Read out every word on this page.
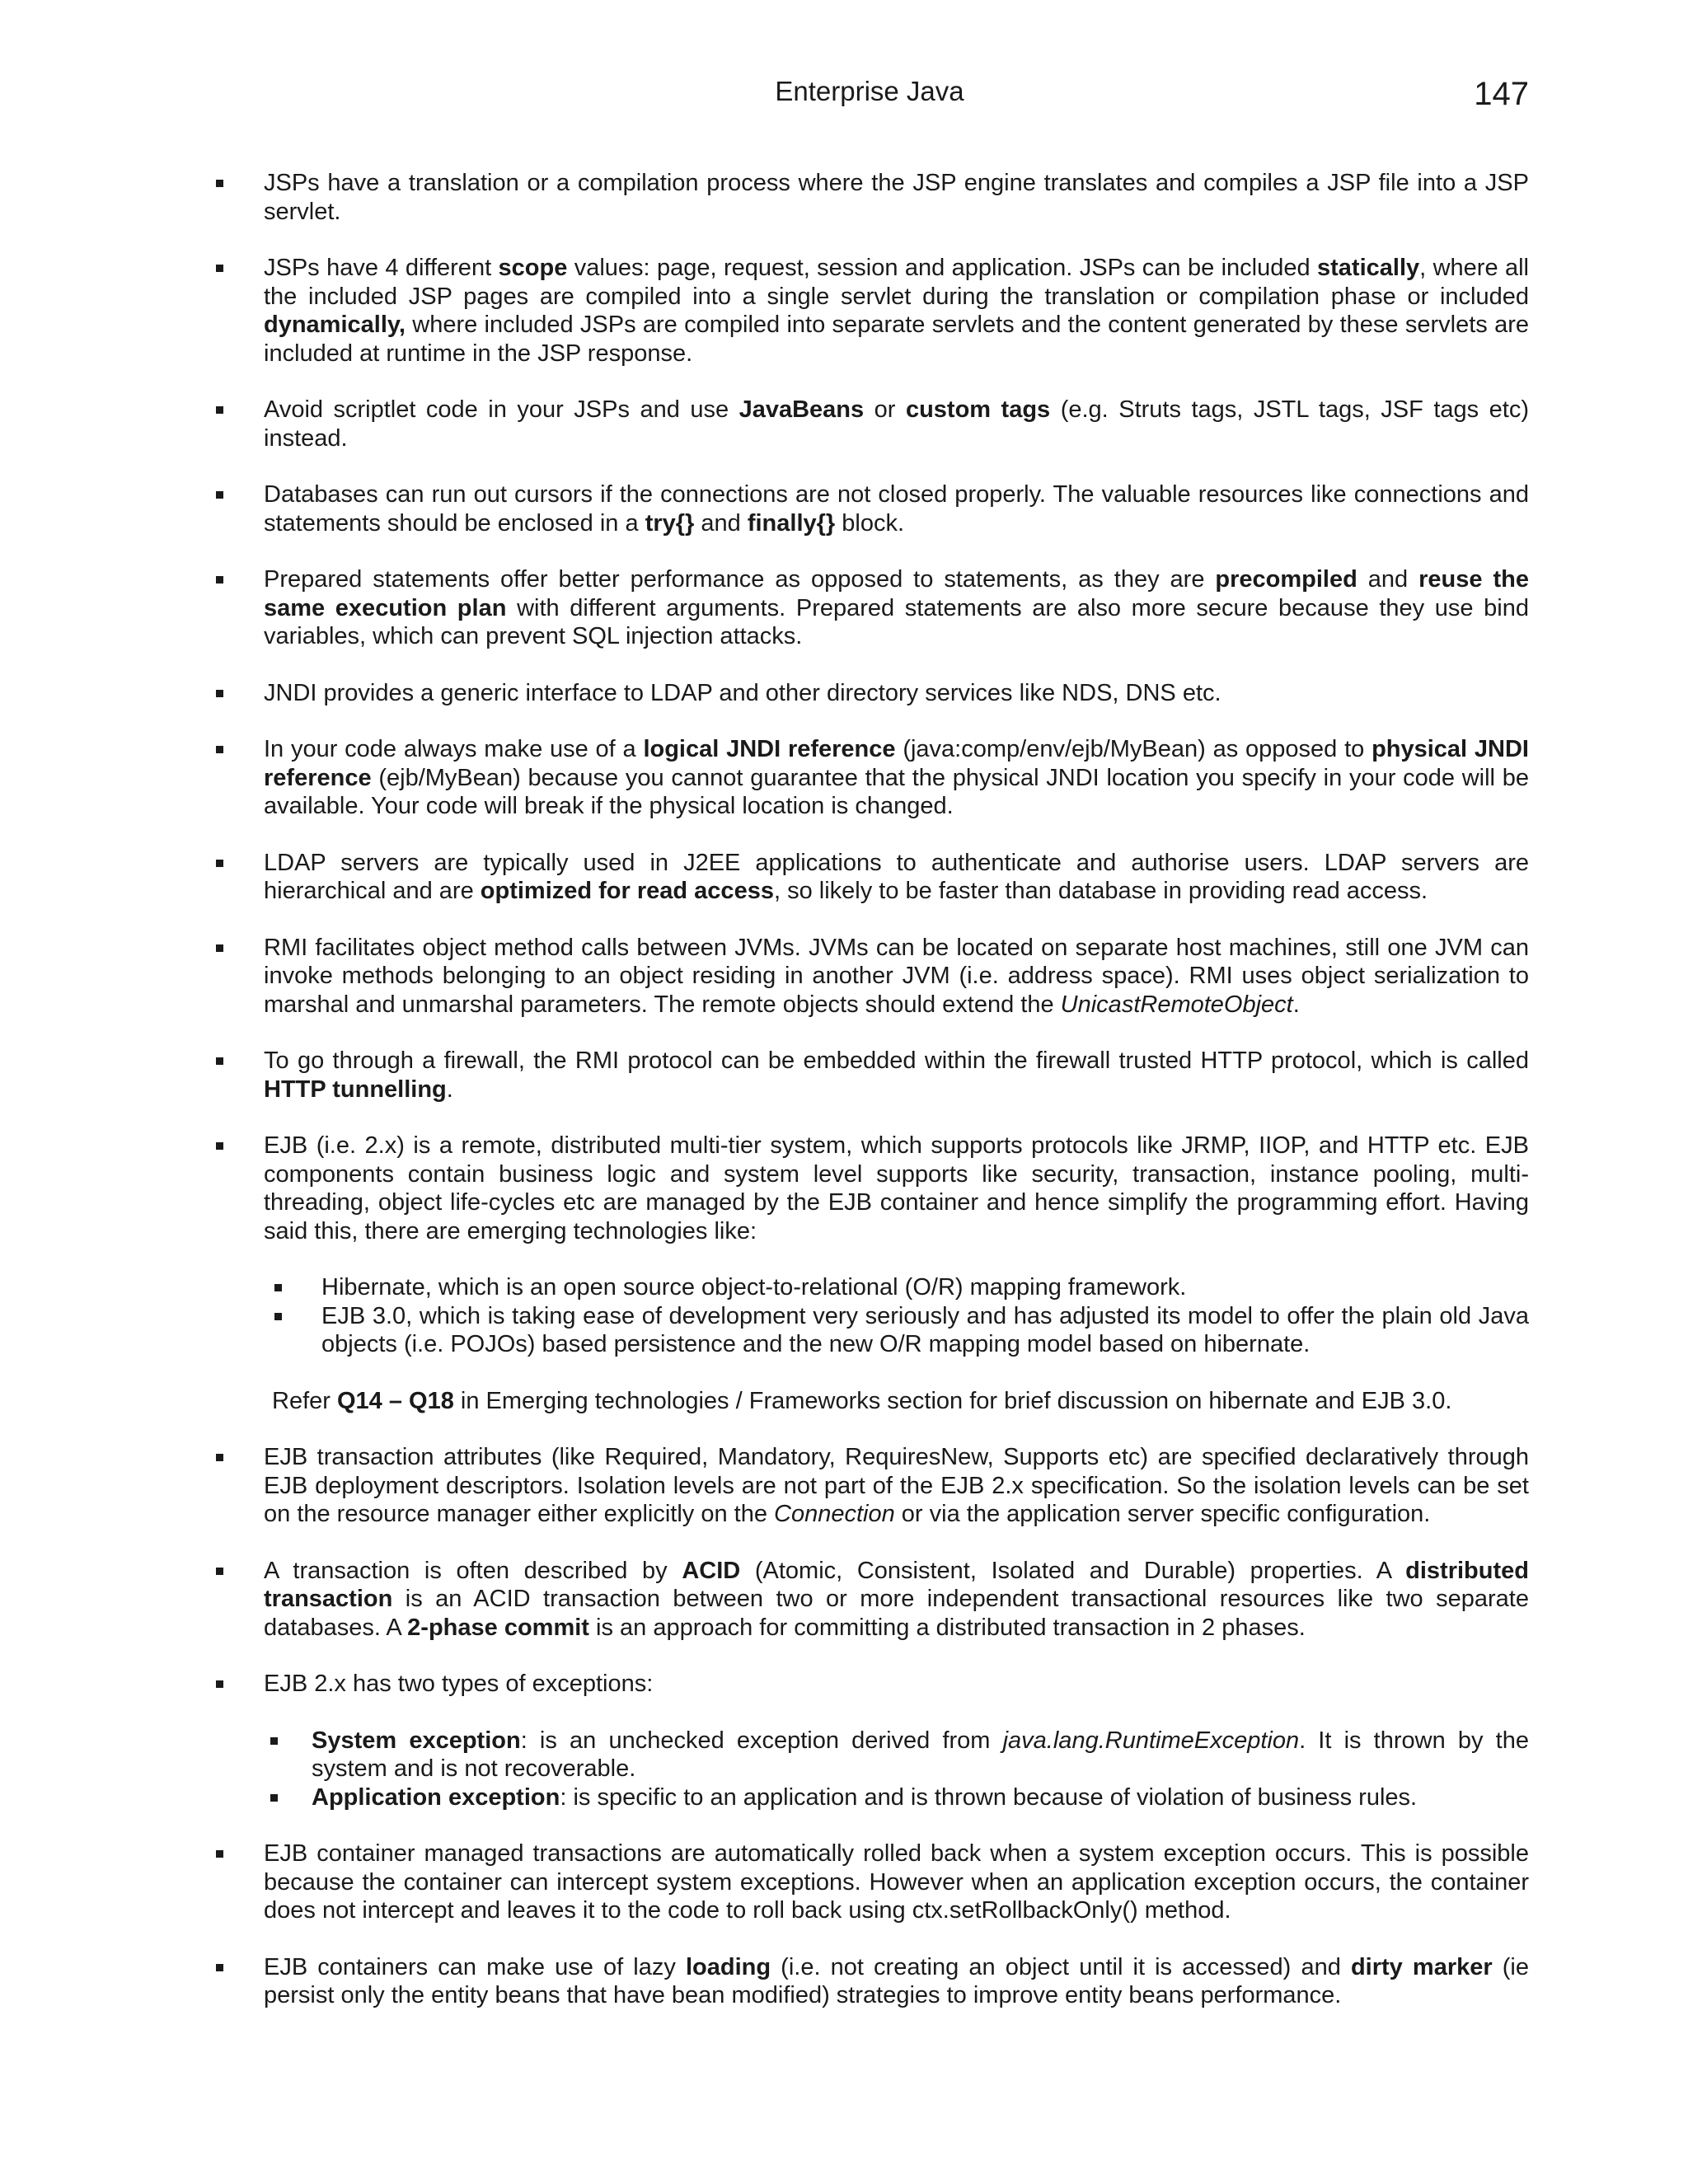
Enterprise Java	147
JSPs have a translation or a compilation process where the JSP engine translates and compiles a JSP file into a JSP servlet.
JSPs have 4 different scope values: page, request, session and application. JSPs can be included statically, where all the included JSP pages are compiled into a single servlet during the translation or compilation phase or included dynamically, where included JSPs are compiled into separate servlets and the content generated by these servlets are included at runtime in the JSP response.
Avoid scriptlet code in your JSPs and use JavaBeans or custom tags (e.g. Struts tags, JSTL tags, JSF tags etc) instead.
Databases can run out cursors if the connections are not closed properly. The valuable resources like connections and statements should be enclosed in a try{} and finally{} block.
Prepared statements offer better performance as opposed to statements, as they are precompiled and reuse the same execution plan with different arguments. Prepared statements are also more secure because they use bind variables, which can prevent SQL injection attacks.
JNDI provides a generic interface to LDAP and other directory services like NDS, DNS etc.
In your code always make use of a logical JNDI reference (java:comp/env/ejb/MyBean) as opposed to physical JNDI reference (ejb/MyBean) because you cannot guarantee that the physical JNDI location you specify in your code will be available. Your code will break if the physical location is changed.
LDAP servers are typically used in J2EE applications to authenticate and authorise users. LDAP servers are hierarchical and are optimized for read access, so likely to be faster than database in providing read access.
RMI facilitates object method calls between JVMs. JVMs can be located on separate host machines, still one JVM can invoke methods belonging to an object residing in another JVM (i.e. address space). RMI uses object serialization to marshal and unmarshal parameters. The remote objects should extend the UnicastRemoteObject.
To go through a firewall, the RMI protocol can be embedded within the firewall trusted HTTP protocol, which is called HTTP tunnelling.
EJB (i.e. 2.x) is a remote, distributed multi-tier system, which supports protocols like JRMP, IIOP, and HTTP etc. EJB components contain business logic and system level supports like security, transaction, instance pooling, multi-threading, object life-cycles etc are managed by the EJB container and hence simplify the programming effort. Having said this, there are emerging technologies like:
Hibernate, which is an open source object-to-relational (O/R) mapping framework.
EJB 3.0, which is taking ease of development very seriously and has adjusted its model to offer the plain old Java objects (i.e. POJOs) based persistence and the new O/R mapping model based on hibernate.
Refer Q14 – Q18 in Emerging technologies / Frameworks section for brief discussion on hibernate and EJB 3.0.
EJB transaction attributes (like Required, Mandatory, RequiresNew, Supports etc) are specified declaratively through EJB deployment descriptors. Isolation levels are not part of the EJB 2.x specification. So the isolation levels can be set on the resource manager either explicitly on the Connection or via the application server specific configuration.
A transaction is often described by ACID (Atomic, Consistent, Isolated and Durable) properties. A distributed transaction is an ACID transaction between two or more independent transactional resources like two separate databases. A 2-phase commit is an approach for committing a distributed transaction in 2 phases.
EJB 2.x has two types of exceptions:
System exception: is an unchecked exception derived from java.lang.RuntimeException. It is thrown by the system and is not recoverable.
Application exception: is specific to an application and is thrown because of violation of business rules.
EJB container managed transactions are automatically rolled back when a system exception occurs. This is possible because the container can intercept system exceptions. However when an application exception occurs, the container does not intercept and leaves it to the code to roll back using ctx.setRollbackOnly() method.
EJB containers can make use of lazy loading (i.e. not creating an object until it is accessed) and dirty marker (ie persist only the entity beans that have bean modified) strategies to improve entity beans performance.
